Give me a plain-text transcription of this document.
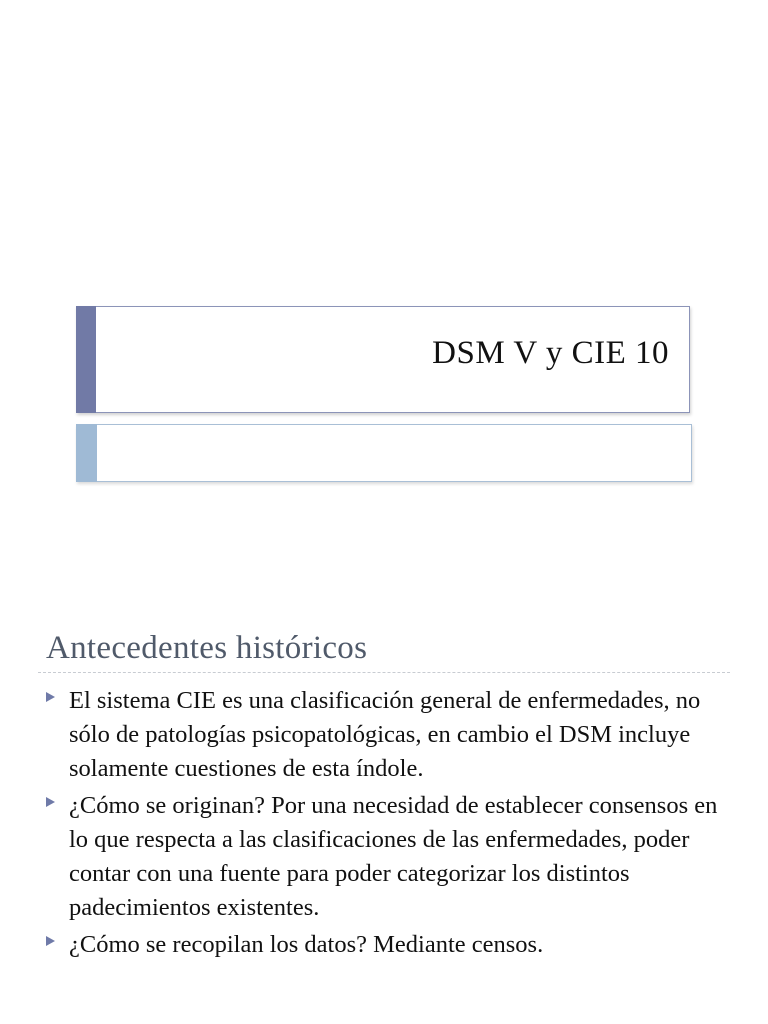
DSM V y CIE 10
Antecedentes históricos
El sistema CIE es una clasificación general de enfermedades, no sólo de patologías psicopatológicas, en cambio el DSM incluye solamente cuestiones de esta índole.
¿Cómo se originan? Por una necesidad de establecer consensos en lo que respecta a las clasificaciones de las enfermedades, poder contar con una fuente para poder categorizar los distintos padecimientos existentes.
¿Cómo se recopilan los datos? Mediante censos.
